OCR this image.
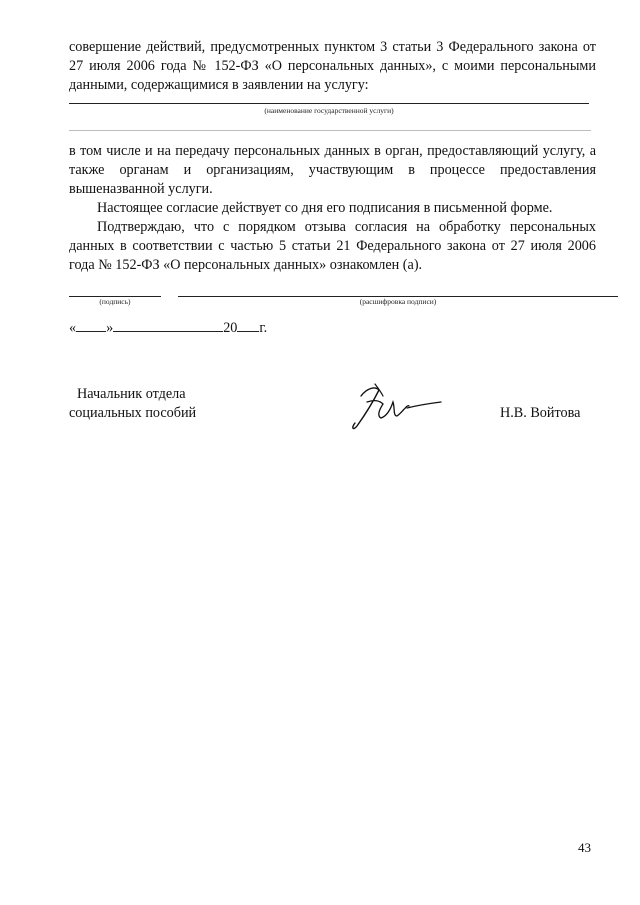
совершение действий, предусмотренных пунктом 3 статьи 3 Федерального закона от 27 июля 2006 года № 152-ФЗ «О персональных данных», с моими персональными данными, содержащимися в заявлении на услугу:

(наименование государственной услуги)

в том числе и на передачу персональных данных в орган, предоставляющий услугу, а также органам и организациям, участвующим в процессе предоставления вышеназванной услуги.

Настоящее согласие действует со дня его подписания в письменной форме.

Подтверждаю, что с порядком отзыва согласия на обработку персональных данных в соответствии с частью 5 статьи 21 Федерального закона от 27 июля 2006 года № 152-ФЗ «О персональных данных» ознакомлен (а).

(подпись)	(расшифровка подписи)
« »	20 г.
Начальник отдела
социальных пособий	Н.В. Войтова
43
